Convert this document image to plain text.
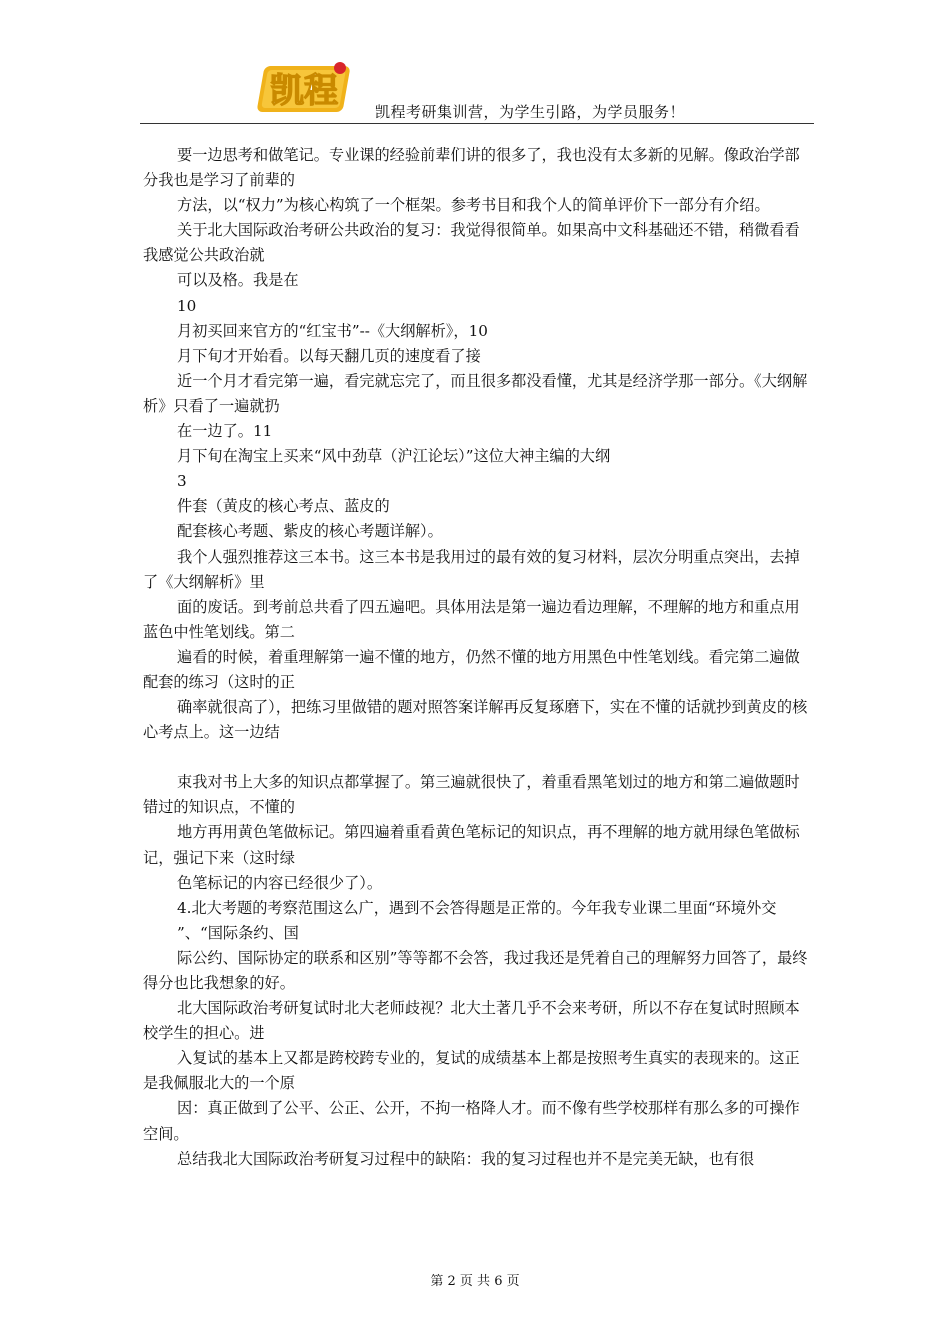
凯程
凯程考研集训营，为学生引路，为学员服务！

要一边思考和做笔记。专业课的经验前辈们讲的很多了，我也没有太多新的见解。像政治学部分我也是学习了前辈的

方法，以“权力”为核心构筑了一个框架。参考书目和我个人的简单评价下一部分有介绍。

关于北大国际政治考研公共政治的复习：我觉得很简单。如果高中文科基础还不错，稍微看看我感觉公共政治就

可以及格。我是在

10

月初买回来官方的“红宝书”--《大纲解析》，10

月下旬才开始看。以每天翻几页的速度看了接

近一个月才看完第一遍，看完就忘完了，而且很多都没看懂，尤其是经济学那一部分。《大纲解析》只看了一遍就扔

在一边了。11

月下旬在淘宝上买来“风中劲草（沪江论坛）”这位大神主编的大纲

3

件套（黄皮的核心考点、蓝皮的

配套核心考题、紫皮的核心考题详解）。

我个人强烈推荐这三本书。这三本书是我用过的最有效的复习材料，层次分明重点突出，去掉了《大纲解析》里

面的废话。到考前总共看了四五遍吧。具体用法是第一遍边看边理解，不理解的地方和重点用蓝色中性笔划线。第二

遍看的时候，着重理解第一遍不懂的地方，仍然不懂的地方用黑色中性笔划线。看完第二遍做配套的练习（这时的正

确率就很高了），把练习里做错的题对照答案详解再反复琢磨下，实在不懂的话就抄到黄皮的核心考点上。这一边结

束我对书上大多的知识点都掌握了。第三遍就很快了，着重看黑笔划过的地方和第二遍做题时错过的知识点，不懂的

地方再用黄色笔做标记。第四遍着重看黄色笔标记的知识点，再不理解的地方就用绿色笔做标记，强记下来（这时绿

色笔标记的内容已经很少了）。

4.北大考题的考察范围这么广，遇到不会答得题是正常的。今年我专业课二里面“环境外交

”、“国际条约、国

际公约、国际协定的联系和区别”等等都不会答，我过我还是凭着自己的理解努力回答了，最终得分也比我想象的好。

北大国际政治考研复试时北大老师歧视？北大土著几乎不会来考研，所以不存在复试时照顾本校学生的担心。进

入复试的基本上又都是跨校跨专业的，复试的成绩基本上都是按照考生真实的表现来的。这正是我佩服北大的一个原

因：真正做到了公平、公正、公开，不拘一格降人才。而不像有些学校那样有那么多的可操作空间。

总结我北大国际政治考研复习过程中的缺陷：我的复习过程也并不是完美无缺，也有很

第 2 页 共 6 页
